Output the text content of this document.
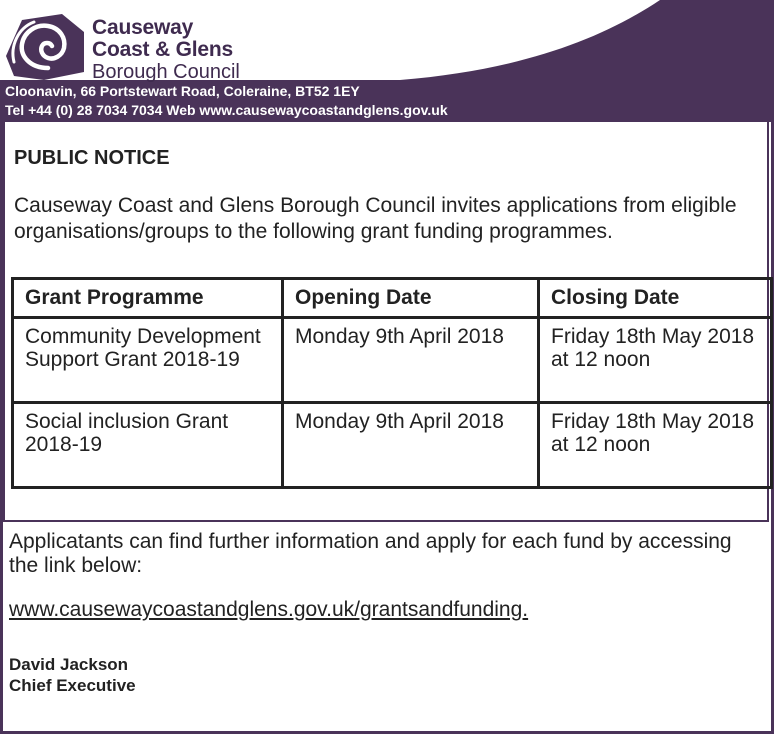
Causeway
Coast & Glens
Borough Council
Cloonavin, 66 Portstewart Road, Coleraine, BT52 1EY
Tel +44 (0) 28 7034 7034 Web www.causewaycoastandglens.gov.uk
PUBLIC NOTICE
Causeway Coast and Glens Borough Council invites applications from eligible organisations/groups to the following grant funding programmes.
Grant Programme	Opening Date	Closing Date
Community Development Support Grant 2018-19	Monday 9th April 2018	Friday 18th May 2018 at 12 noon
Social inclusion Grant 2018-19	Monday 9th April 2018	Friday 18th May 2018 at 12 noon
Applicatants can find further information and apply for each fund by accessing the link below:
www.causewaycoastandglens.gov.uk/grantsandfunding.
David Jackson
Chief Executive
